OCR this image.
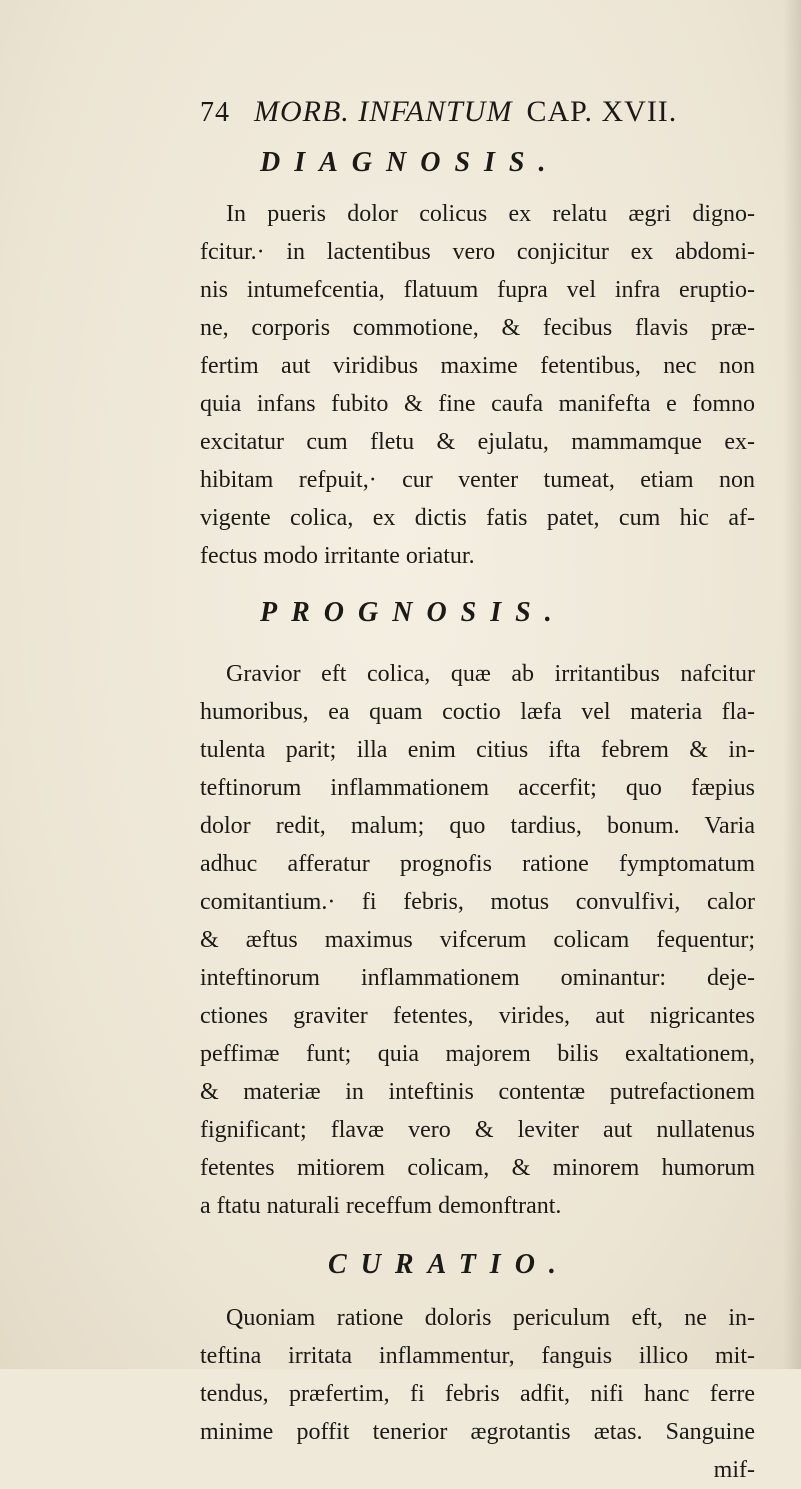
74 MORB. INFANTUM CAP. XVII.
DIAGNOSIS.
In pueris dolor colicus ex relatu ægri digno-
fcitur.· in lactentibus vero conjicitur ex abdomi-
nis intumefcentia, flatuum fupra vel infra eruptio-
ne, corporis commotione, & fecibus flavis præ-
fertim aut viridibus maxime fetentibus, nec non
quia infans fubito & fine caufa manifefta e fomno
excitatur cum fletu & ejulatu, mammamque ex-
hibitam refpuit,· cur venter tumeat, etiam non
vigente colica, ex dictis fatis patet, cum hic af-
fectus modo irritante oriatur.
PROGNOSIS.
Gravior eft colica, quæ ab irritantibus nafcitur
humoribus, ea quam coctio læfa vel materia fla-
tulenta parit; illa enim citius ifta febrem & in-
teftinorum inflammationem accerfit; quo fæpius
dolor redit, malum; quo tardius, bonum. Varia
adhuc afferatur prognofis ratione fymptomatum
comitantium.· fi febris, motus convulfivi, calor
& æftus maximus vifcerum colicam fequentur;
inteftinorum inflammationem ominantur: deje-
ctiones graviter fetentes, virides, aut nigricantes
peffimæ funt; quia majorem bilis exaltationem,
& materiæ in inteftinis contentæ putrefactionem
fignificant; flavæ vero & leviter aut nullatenus
fetentes mitiorem colicam, & minorem humorum
a ftatu naturali receffum demonftrant.
CURATIO.
Quoniam ratione doloris periculum eft, ne in-
teftina irritata inflammentur, fanguis illico mit-
tendus, præfertim, fi febris adfit, nifi hanc ferre
minime poffit tenerior ægrotantis ætas. Sanguine
mif-
